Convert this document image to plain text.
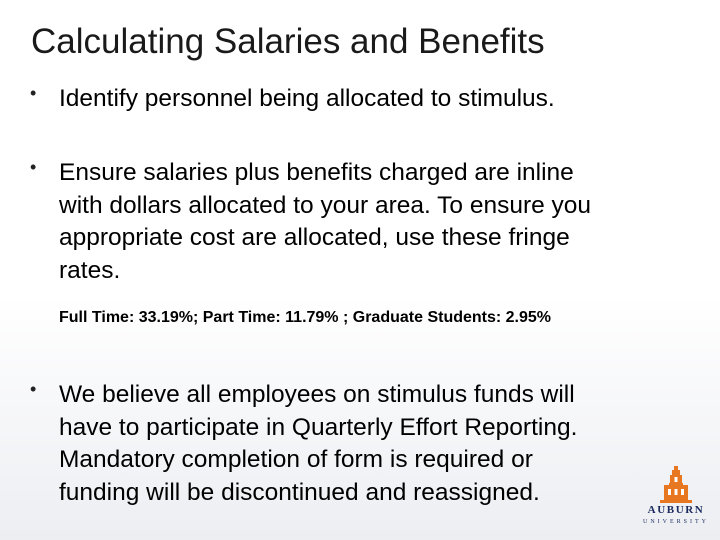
Calculating Salaries and Benefits
• Identify personnel being allocated to stimulus.
• Ensure salaries plus benefits charged are inline
with dollars allocated to your area. To ensure you
appropriate cost are allocated, use these fringe
rates.
Full Time: 33.19%; Part Time: 11.79% ; Graduate Students: 2.95%
• We believe all employees on stimulus funds will
have to participate in Quarterly Effort Reporting.
Mandatory completion of form is required or
funding will be discontinued and reassigned.
AUBURN
UNIVERSITY
